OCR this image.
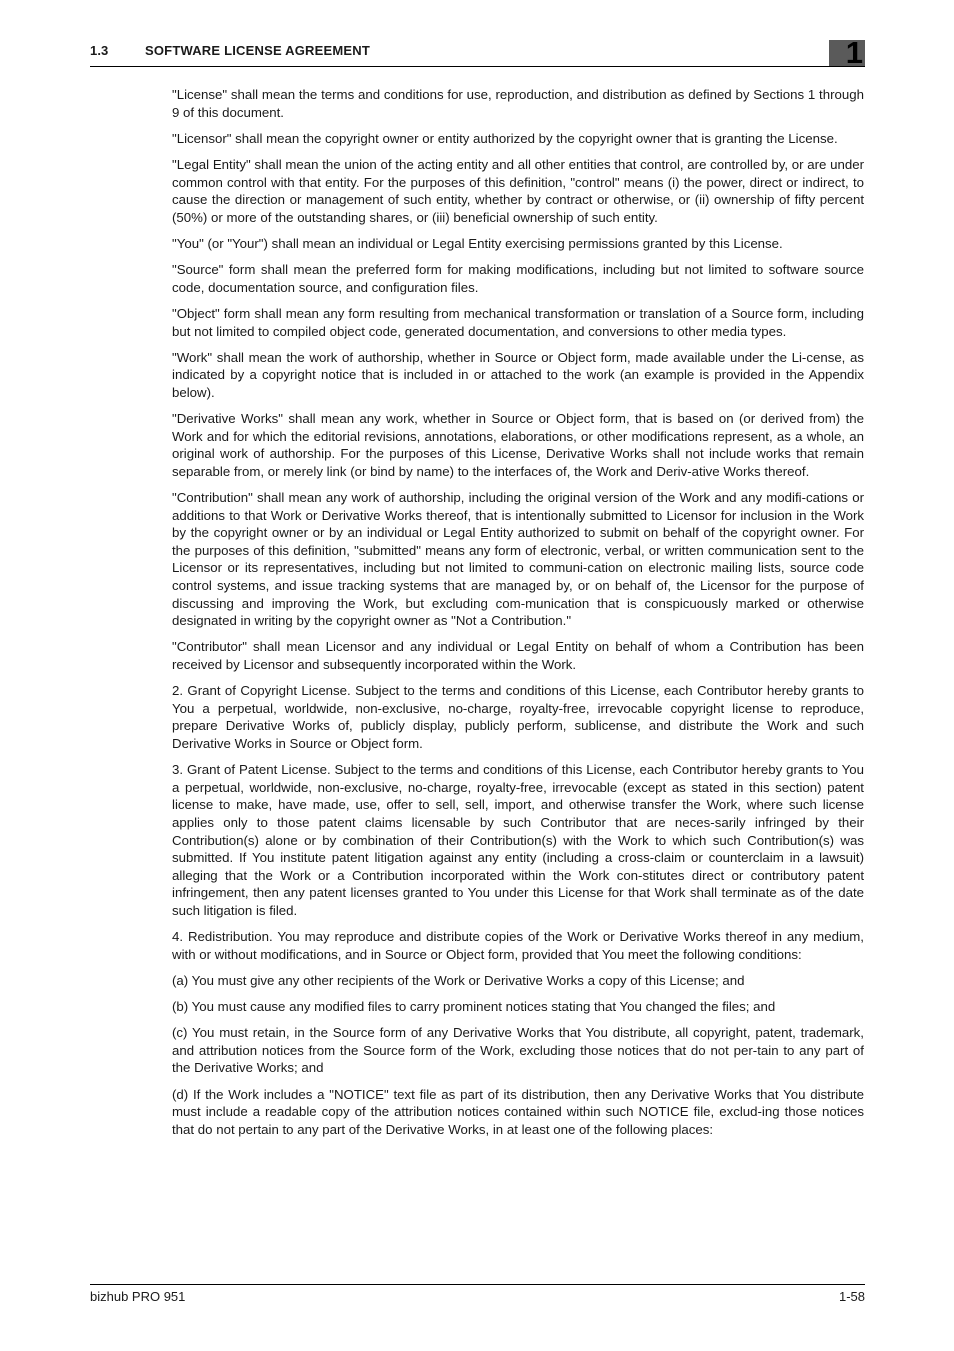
1.3	SOFTWARE LICENSE AGREEMENT	1

"License" shall mean the terms and conditions for use, reproduction, and distribution as defined by Sections 1 through 9 of this document.

"Licensor" shall mean the copyright owner or entity authorized by the copyright owner that is granting the License.

"Legal Entity" shall mean the union of the acting entity and all other entities that control, are controlled by, or are under common control with that entity. For the purposes of this definition, "control" means (i) the power, direct or indirect, to cause the direction or management of such entity, whether by contract or otherwise, or (ii) ownership of fifty percent (50%) or more of the outstanding shares, or (iii) beneficial ownership of such entity.

"You" (or "Your") shall mean an individual or Legal Entity exercising permissions granted by this License.

"Source" form shall mean the preferred form for making modifications, including but not limited to software source code, documentation source, and configuration files.

"Object" form shall mean any form resulting from mechanical transformation or translation of a Source form, including but not limited to compiled object code, generated documentation, and conversions to other media types.

"Work" shall mean the work of authorship, whether in Source or Object form, made available under the Li-cense, as indicated by a copyright notice that is included in or attached to the work (an example is provided in the Appendix below).

"Derivative Works" shall mean any work, whether in Source or Object form, that is based on (or derived from) the Work and for which the editorial revisions, annotations, elaborations, or other modifications represent, as a whole, an original work of authorship. For the purposes of this License, Derivative Works shall not include works that remain separable from, or merely link (or bind by name) to the interfaces of, the Work and Deriv-ative Works thereof.

"Contribution" shall mean any work of authorship, including the original version of the Work and any modifi-cations or additions to that Work or Derivative Works thereof, that is intentionally submitted to Licensor for inclusion in the Work by the copyright owner or by an individual or Legal Entity authorized to submit on behalf of the copyright owner. For the purposes of this definition, "submitted" means any form of electronic, verbal, or written communication sent to the Licensor or its representatives, including but not limited to communi-cation on electronic mailing lists, source code control systems, and issue tracking systems that are managed by, or on behalf of, the Licensor for the purpose of discussing and improving the Work, but excluding com-munication that is conspicuously marked or otherwise designated in writing by the copyright owner as "Not a Contribution."

"Contributor" shall mean Licensor and any individual or Legal Entity on behalf of whom a Contribution has been received by Licensor and subsequently incorporated within the Work.

2. Grant of Copyright License. Subject to the terms and conditions of this License, each Contributor hereby grants to You a perpetual, worldwide, non-exclusive, no-charge, royalty-free, irrevocable copyright license to reproduce, prepare Derivative Works of, publicly display, publicly perform, sublicense, and distribute the Work and such Derivative Works in Source or Object form.

3. Grant of Patent License. Subject to the terms and conditions of this License, each Contributor hereby grants to You a perpetual, worldwide, non-exclusive, no-charge, royalty-free, irrevocable (except as stated in this section) patent license to make, have made, use, offer to sell, sell, import, and otherwise transfer the Work, where such license applies only to those patent claims licensable by such Contributor that are neces-sarily infringed by their Contribution(s) alone or by combination of their Contribution(s) with the Work to which such Contribution(s) was submitted. If You institute patent litigation against any entity (including a cross-claim or counterclaim in a lawsuit) alleging that the Work or a Contribution incorporated within the Work con-stitutes direct or contributory patent infringement, then any patent licenses granted to You under this License for that Work shall terminate as of the date such litigation is filed.

4. Redistribution. You may reproduce and distribute copies of the Work or Derivative Works thereof in any medium, with or without modifications, and in Source or Object form, provided that You meet the following conditions:

(a) You must give any other recipients of the Work or Derivative Works a copy of this License; and

(b) You must cause any modified files to carry prominent notices stating that You changed the files; and

(c) You must retain, in the Source form of any Derivative Works that You distribute, all copyright, patent, trademark, and attribution notices from the Source form of the Work, excluding those notices that do not per-tain to any part of the Derivative Works; and

(d) If the Work includes a "NOTICE" text file as part of its distribution, then any Derivative Works that You distribute must include a readable copy of the attribution notices contained within such NOTICE file, exclud-ing those notices that do not pertain to any part of the Derivative Works, in at least one of the following places:

bizhub PRO 951	1-58
